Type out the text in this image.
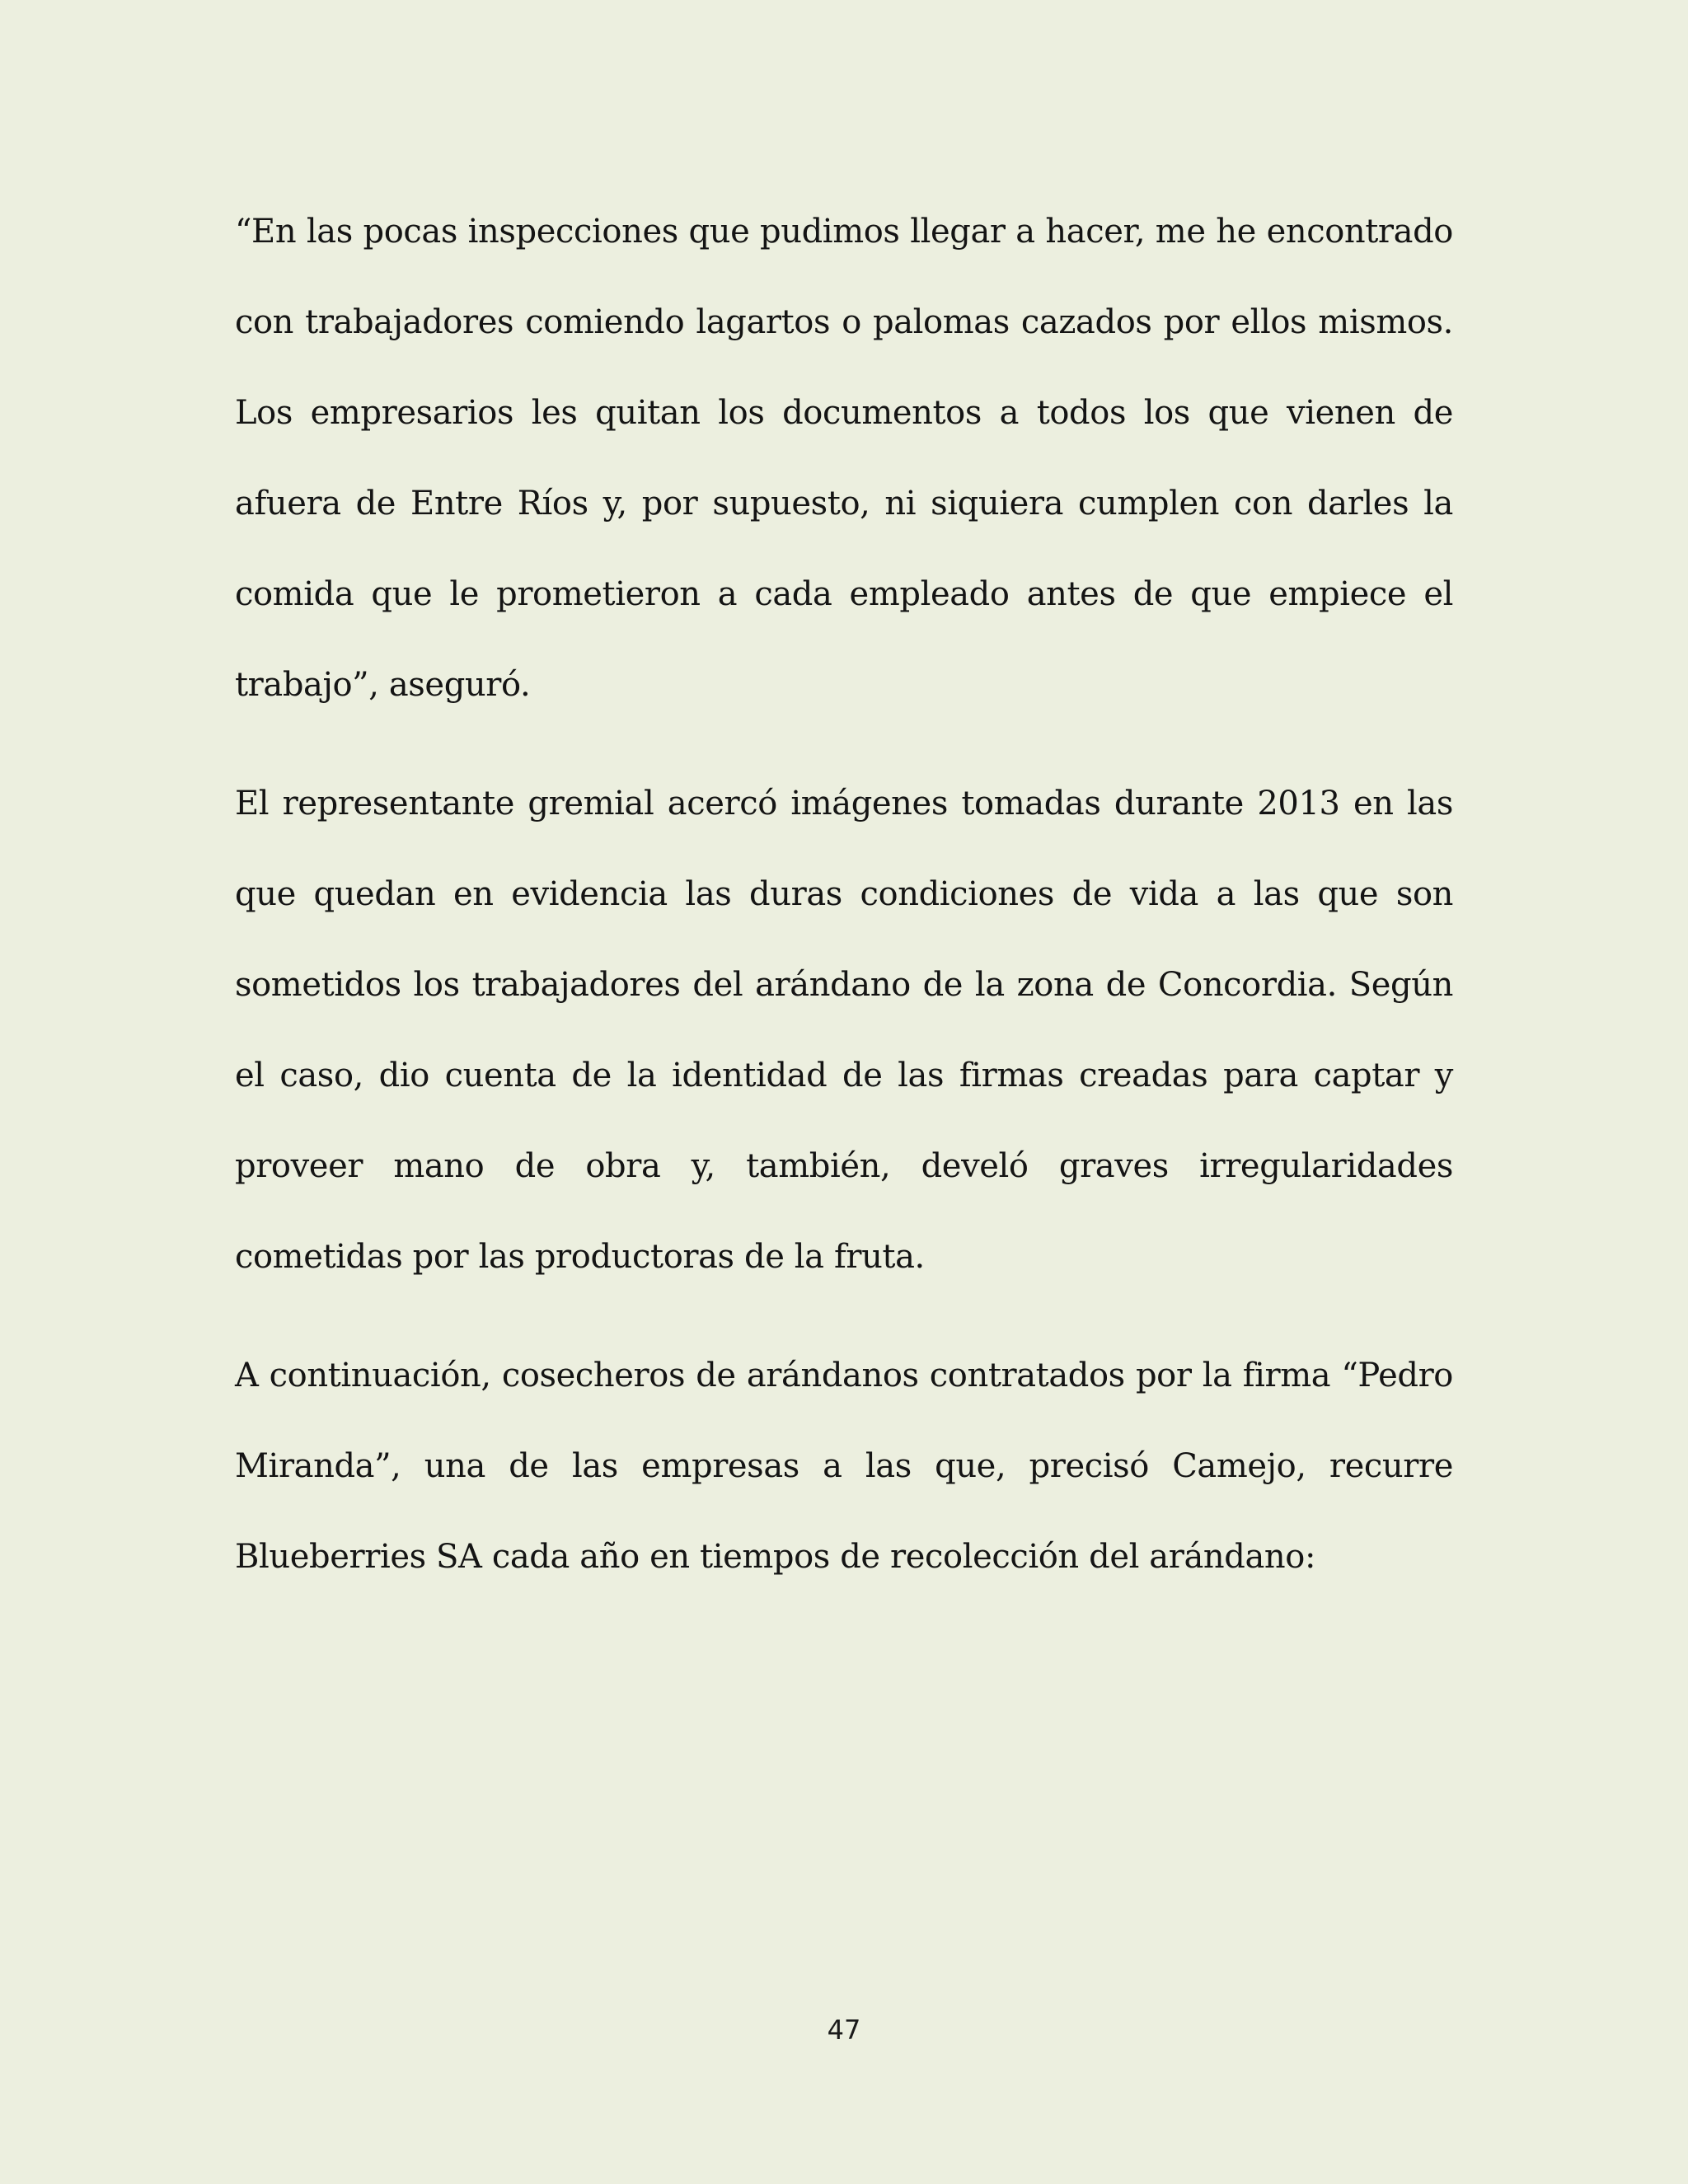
“En las pocas inspecciones que pudimos llegar a hacer, me he encontrado con trabajadores comiendo lagartos o palomas cazados por ellos mismos. Los empresarios les quitan los documentos a todos los que vienen de afuera de Entre Ríos y, por supuesto, ni siquiera cumplen con darles la comida que le prometieron a cada empleado antes de que empiece el trabajo”, aseguró.

El representante gremial acercó imágenes tomadas durante 2013 en las que quedan en evidencia las duras condiciones de vida a las que son sometidos los trabajadores del arándano de la zona de Concordia. Según el caso, dio cuenta de la identidad de las firmas creadas para captar y proveer mano de obra y, también, develó graves irregularidades cometidas por las productoras de la fruta.

A continuación, cosecheros de arándanos contratados por la firma “Pedro Miranda”, una de las empresas a las que, precisó Camejo, recurre Blueberries SA cada año en tiempos de recolección del arándano:

47
